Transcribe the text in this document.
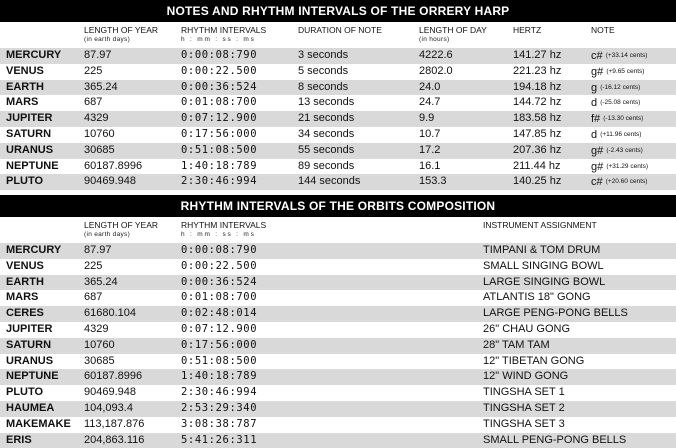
NOTES AND RHYTHM INTERVALS OF THE ORRERY HARP
LENGTH OF YEAR
(in earth days)
RHYTHM INTERVALS
h : mm : ss : ms
DURATION OF NOTE	LENGTH OF DAY
(in hours)
HERTZ	NOTE
MERCURY 87.97	0:00:08:790	3 seconds	4222.6	141.27 hz	c# (+33.14 cents)
VENUS	225	0:00:22.500	5 seconds	2802.0	221.23 hz	g# (+9.65 cents)
EARTH	365.24	0:00:36:524	8 seconds	24.0	194.18 hz	g (-16.12 cents)
MARS	687	0:01:08:700	13 seconds	24.7	144.72 hz	d (-25.08 cents)
JUPITER	4329	0:07:12.900	21 seconds	9.9	183.58 hz	f# (-13.30 cents)
SATURN	10760	0:17:56:000	34 seconds	10.7	147.85 hz	d (+11.96 cents)
URANUS	30685	0:51:08:500	55 seconds	17.2	207.36 hz	g# (-2.43 cents)
NEPTUNE 60187.8996	1:40:18:789	89 seconds	16.1	211.44 hz	g# (+31.29 cents)
PLUTO	90469.948	2:30:46:994	144 seconds	153.3	140.25 hz	c# (+20.60 cents)
RHYTHM INTERVALS OF THE ORBITS COMPOSITION
LENGTH OF YEAR
(in earth days)
RHYTHM INTERVALS
h : mm : ss : ms
INSTRUMENT ASSIGNMENT
MERCURY 87.97	0:00:08:790	TIMPANI & TOM DRUM
VENUS	225	0:00:22.500	SMALL SINGING BOWL
EARTH	365.24	0:00:36:524	LARGE SINGING BOWL
MARS	687	0:01:08:700	ATLANTIS 18" GONG
CERES	61680.104	0:02:48:014	LARGE PENG-PONG BELLS
JUPITER	4329	0:07:12.900	26" CHAU GONG
SATURN	10760	0:17:56:000	28" TAM TAM
URANUS	30685	0:51:08:500	12" TIBETAN GONG
NEPTUNE 60187.8996	1:40:18:789	12" WIND GONG
PLUTO	90469.948	2:30:46:994	TINGSHA SET 1
HAUMEA	104,093.4	2:53:29:340	TINGSHA SET 2
MAKEMAKE 113,187.876	3:08:38:787	TINGSHA SET 3
ERIS	204,863.116	5:41:26:311	SMALL PENG-PONG BELLS
